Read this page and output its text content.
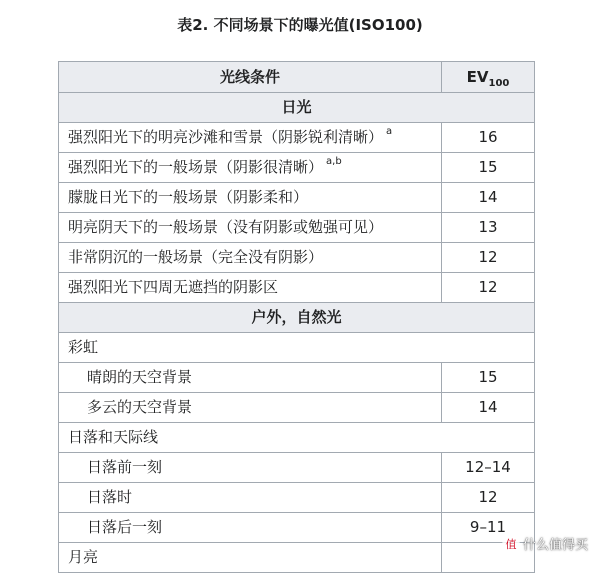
表2. 不同场景下的曝光值(ISO100)
光线条件	$EV_{100}$
日光	
强烈阳光下的明亮沙滩和雪景（阴影锐利清晰） $^a$	16
强烈阳光下的一般场景（阴影很清晰） $^{a,b}$	15
朦胧日光下的一般场景（阴影柔和）	14
明亮阴天下的一般场景（没有阴影或勉强可见）	13
非常阴沉的一般场景（完全没有阴影）	12
强烈阳光下四周无遮挡的阴影区	12
户外，自然光	
彩虹	
晴朗的天空背景	15
多云的天空背景	14
日落和天际线	
日落前一刻	12–14
日落时	12
日落后一刻	9–11
月亮	
值 什么值得买
